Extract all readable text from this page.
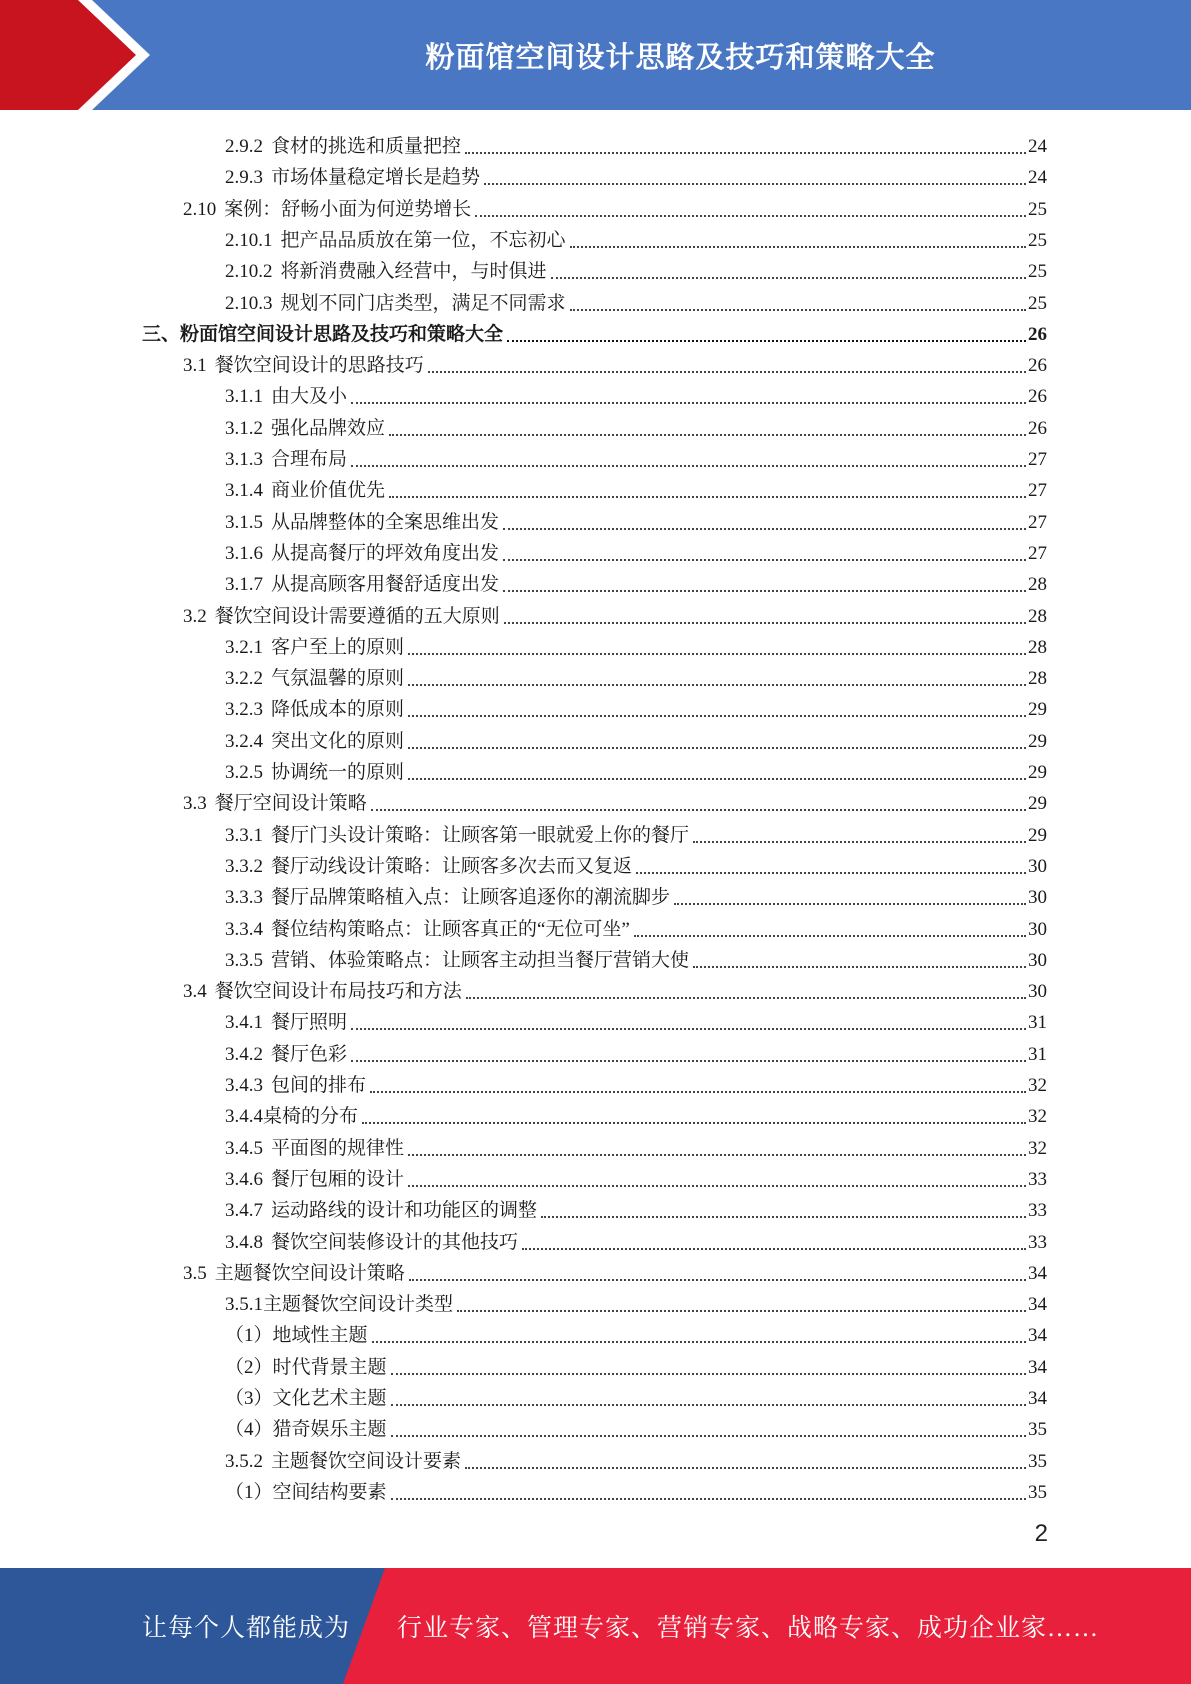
粉面馆空间设计思路及技巧和策略大全
2.9.2 食材的挑选和质量把控	24
2.9.3 市场体量稳定增长是趋势	24
2.10 案例：舒畅小面为何逆势增长	25
2.10.1 把产品品质放在第一位，不忘初心	25
2.10.2 将新消费融入经营中，与时俱进	25
2.10.3 规划不同门店类型，满足不同需求	25
三、 粉面馆空间设计思路及技巧和策略大全	26
3.1 餐饮空间设计的思路技巧	26
3.1.1 由大及小	26
3.1.2 强化品牌效应	26
3.1.3 合理布局	27
3.1.4 商业价值优先	27
3.1.5 从品牌整体的全案思维出发	27
3.1.6 从提高餐厅的坪效角度出发	27
3.1.7 从提高顾客用餐舒适度出发	28
3.2 餐饮空间设计需要遵循的五大原则	28
3.2.1 客户至上的原则	28
3.2.2 气氛温馨的原则	28
3.2.3 降低成本的原则	29
3.2.4 突出文化的原则	29
3.2.5 协调统一的原则	29
3.3 餐厅空间设计策略	29
3.3.1 餐厅门头设计策略：让顾客第一眼就爱上你的餐厅	29
3.3.2 餐厅动线设计策略：让顾客多次去而又复返	30
3.3.3 餐厅品牌策略植入点：让顾客追逐你的潮流脚步	30
3.3.4 餐位结构策略点：让顾客真正的“无位可坐”	30
3.3.5 营销、体验策略点：让顾客主动担当餐厅营销大使	30
3.4 餐饮空间设计布局技巧和方法	30
3.4.1 餐厅照明	31
3.4.2 餐厅色彩	31
3.4.3 包间的排布	32
3.4.4 桌椅的分布	32
3.4.5 平面图的规律性	32
3.4.6 餐厅包厢的设计	33
3.4.7 运动路线的设计和功能区的调整	33
3.4.8 餐饮空间装修设计的其他技巧	33
3.5 主题餐饮空间设计策略	34
3.5.1 主题餐饮空间设计类型	34
（1） 地域性主题	34
（2） 时代背景主题	34
（3） 文化艺术主题	34
（4） 猎奇娱乐主题	35
3.5.2 主题餐饮空间设计要素	35
（1） 空间结构要素	35
2
让每个人都能成为 行业专家、管理专家、营销专家、战略专家、成功企业家……
